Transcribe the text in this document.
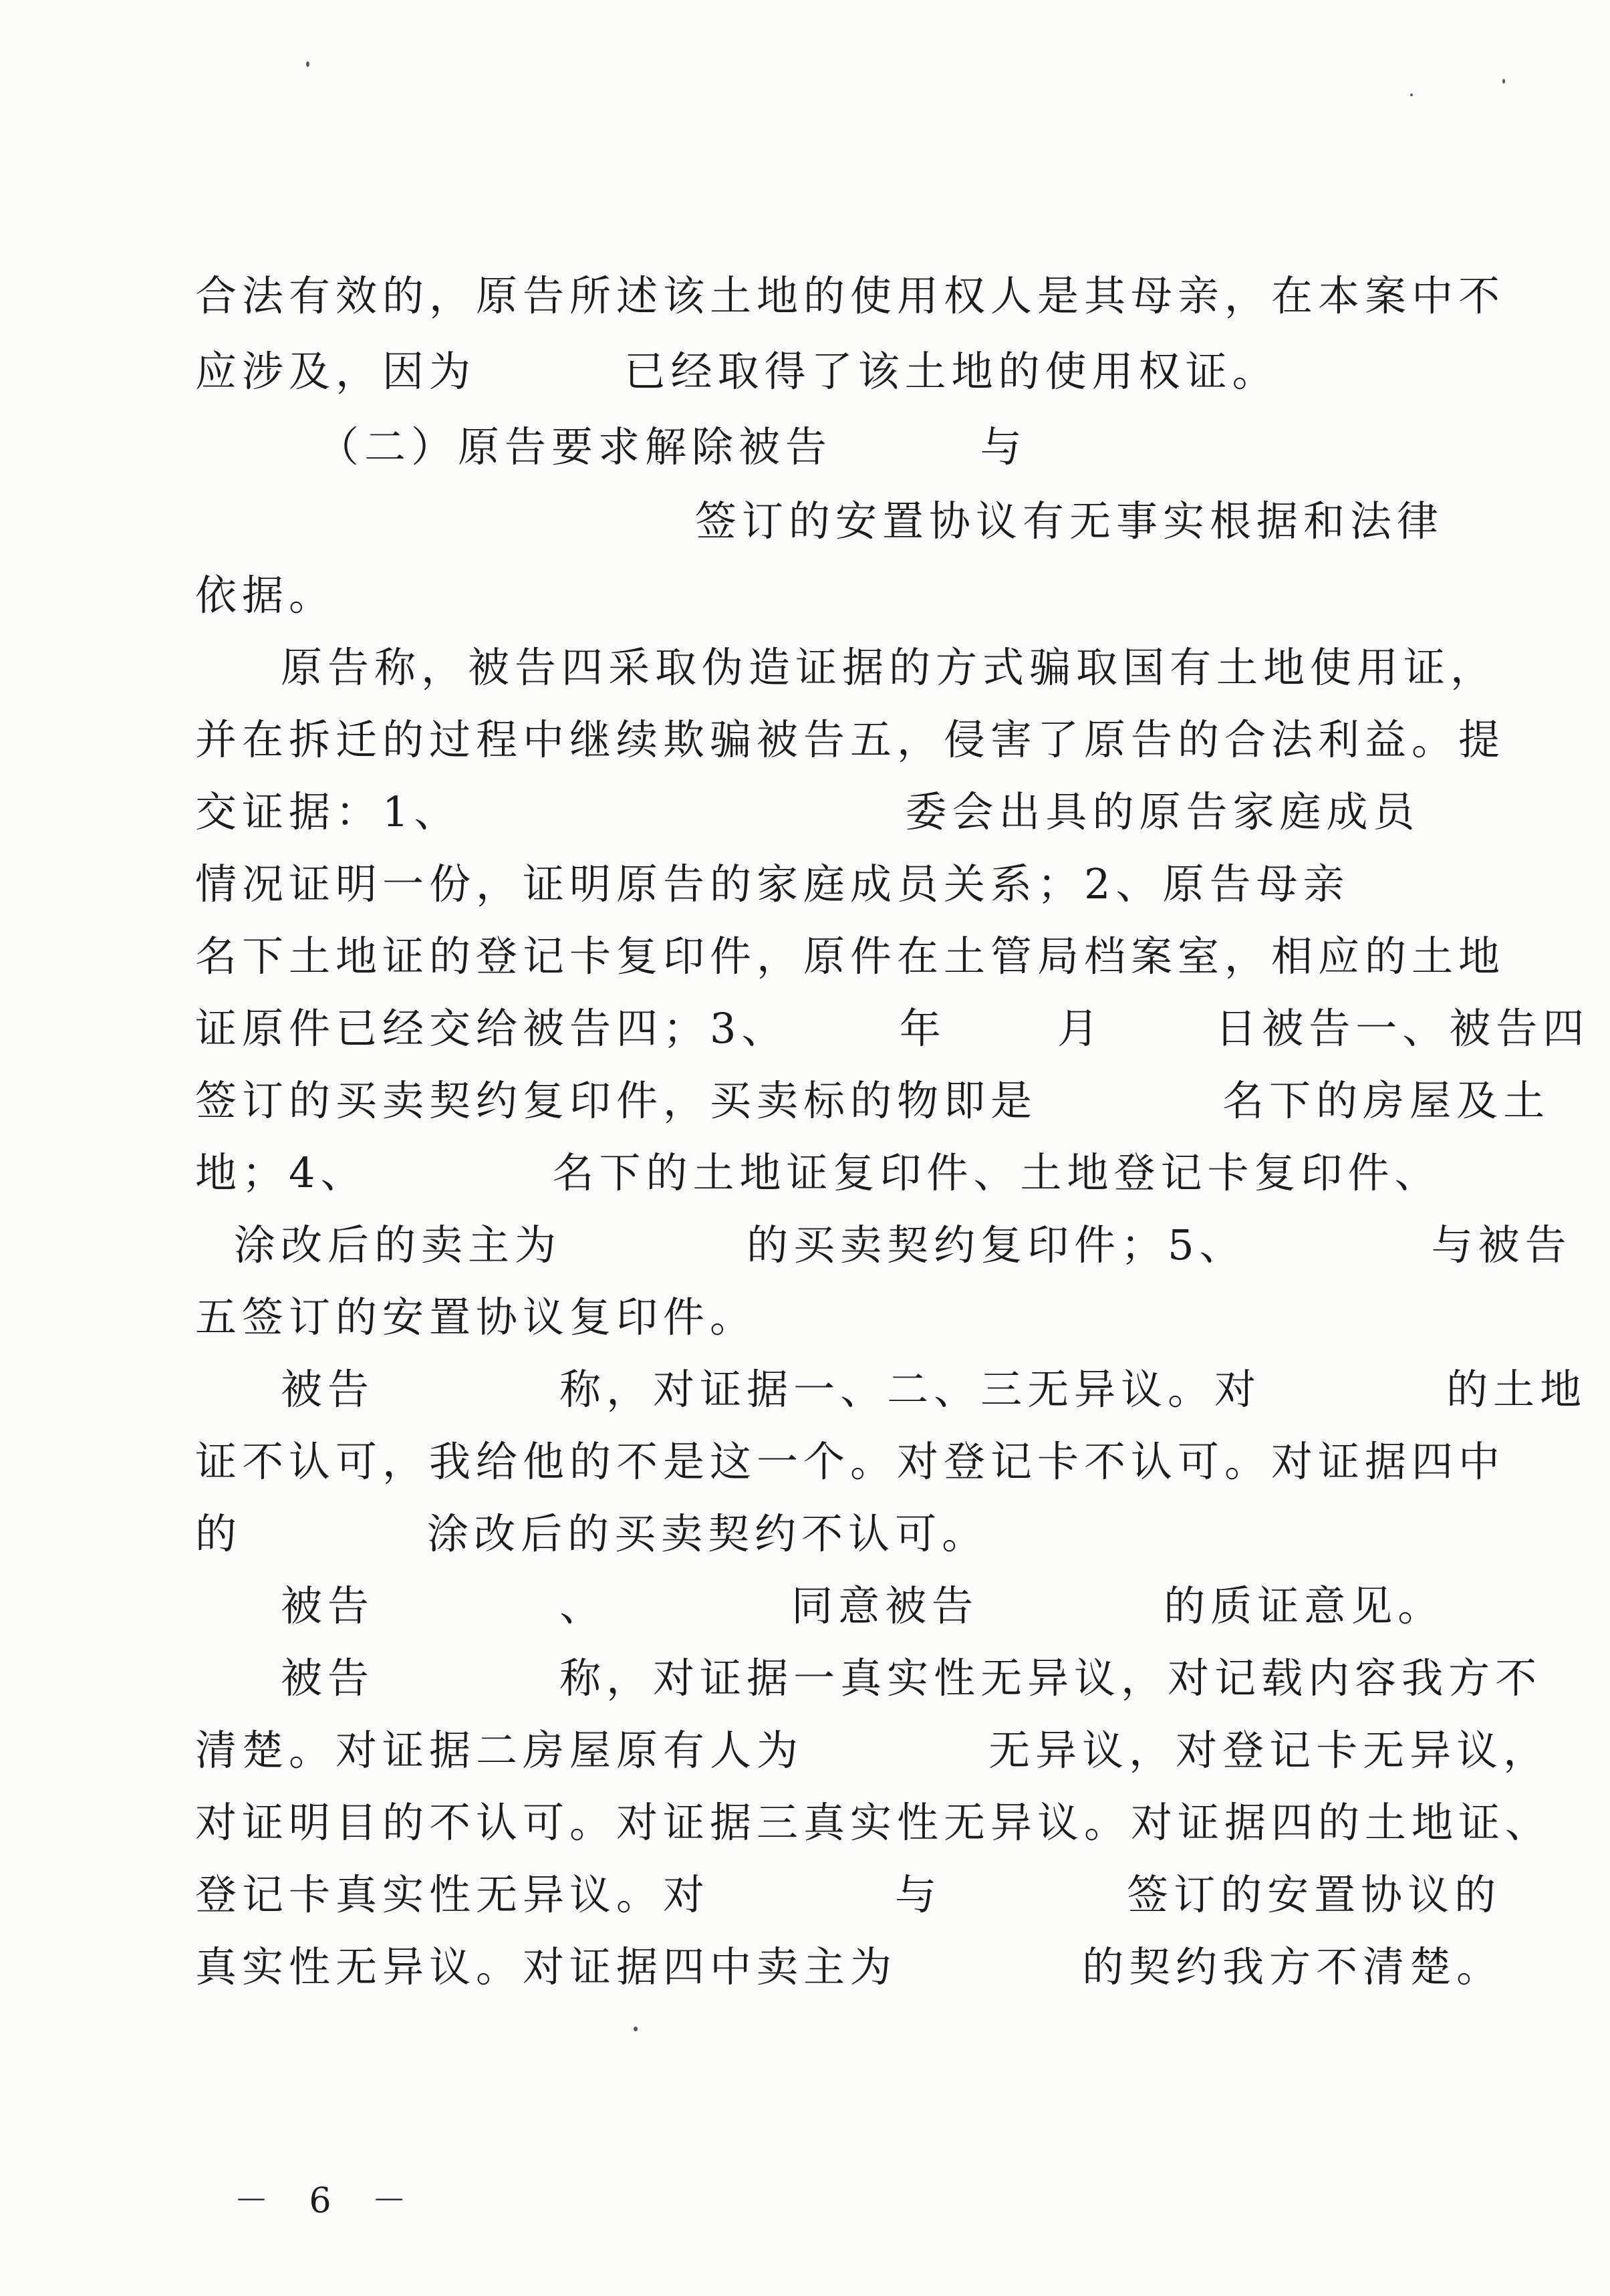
合法有效的，原告所述该土地的使用权人是其母亲，在本案中不
应涉及，因为        已经取得了该土地的使用权证。
（二）原告要求解除被告        与
签订的安置协议有无事实根据和法律
依据。
原告称，被告四采取伪造证据的方式骗取国有土地使用证，
并在拆迁的过程中继续欺骗被告五，侵害了原告的合法利益。提
交证据：1、                        委会出具的原告家庭成员
情况证明一份，证明原告的家庭成员关系；2、原告母亲
名下土地证的登记卡复印件，原件在土管局档案室，相应的土地
证原件已经交给被告四；3、      年      月      日被告一、被告四
签订的买卖契约复印件，买卖标的物即是          名下的房屋及土
地；4、          名下的土地证复印件、土地登记卡复印件、
涂改后的卖主为          的买卖契约复印件；5、          与被告
五签订的安置协议复印件。
被告          称，对证据一、二、三无异议。对          的土地
证不认可，我给他的不是这一个。对登记卡不认可。对证据四中
的          涂改后的买卖契约不认可。
被告          、          同意被告          的质证意见。
被告          称，对证据一真实性无异议，对记载内容我方不
清楚。对证据二房屋原有人为          无异议，对登记卡无异议，
对证明目的不认可。对证据三真实性无异议。对证据四的土地证、
登记卡真实性无异议。对          与          签订的安置协议的
真实性无异议。对证据四中卖主为          的契约我方不清楚。
－ 6 －
